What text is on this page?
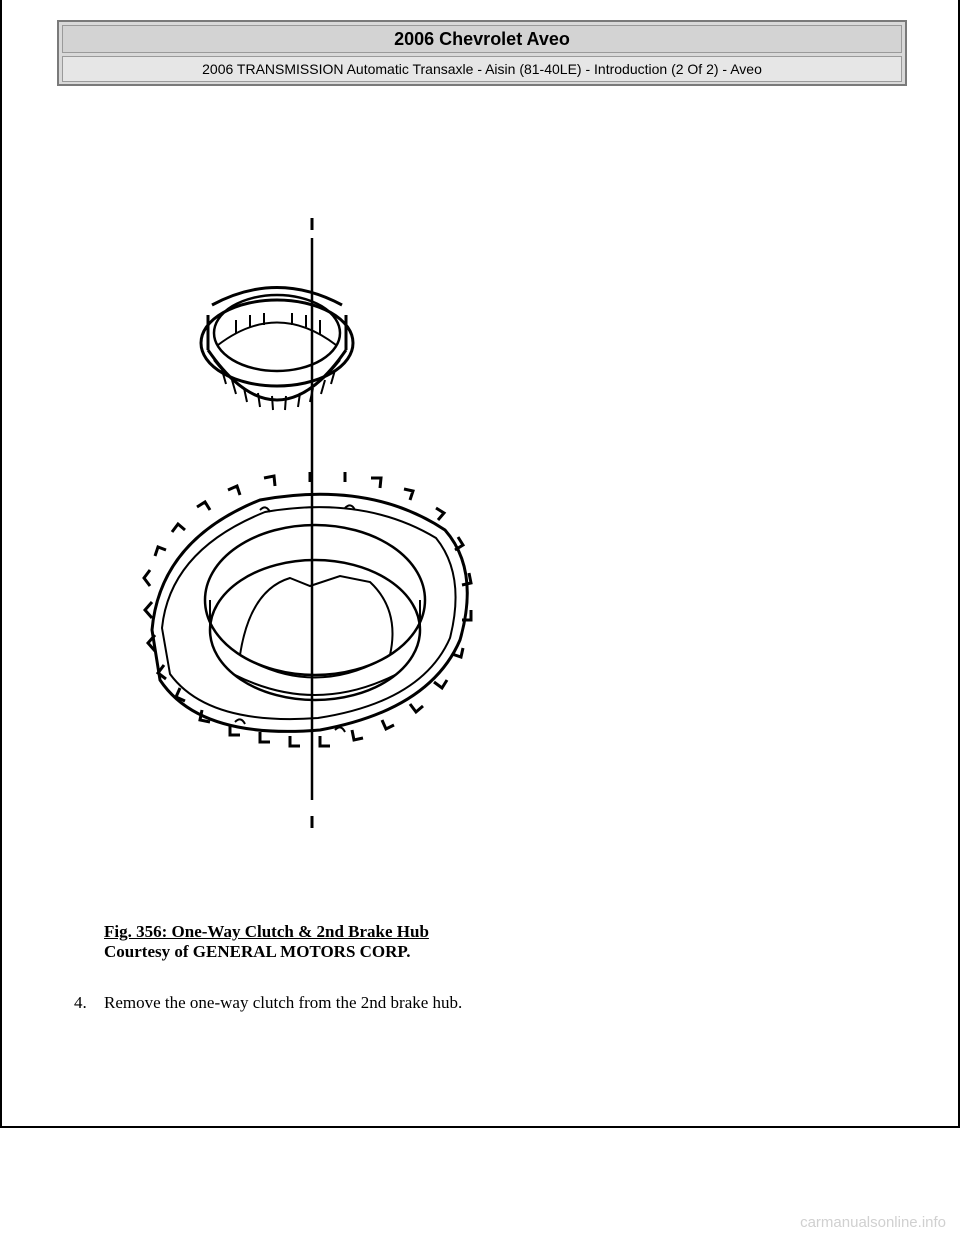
2006 Chevrolet Aveo
2006 TRANSMISSION Automatic Transaxle - Aisin (81-40LE) - Introduction (2 Of 2) - Aveo
Fig. 356: One-Way Clutch & 2nd Brake Hub
Courtesy of GENERAL MOTORS CORP.
4. Remove the one-way clutch from the 2nd brake hub.
carmanualsonline.info
